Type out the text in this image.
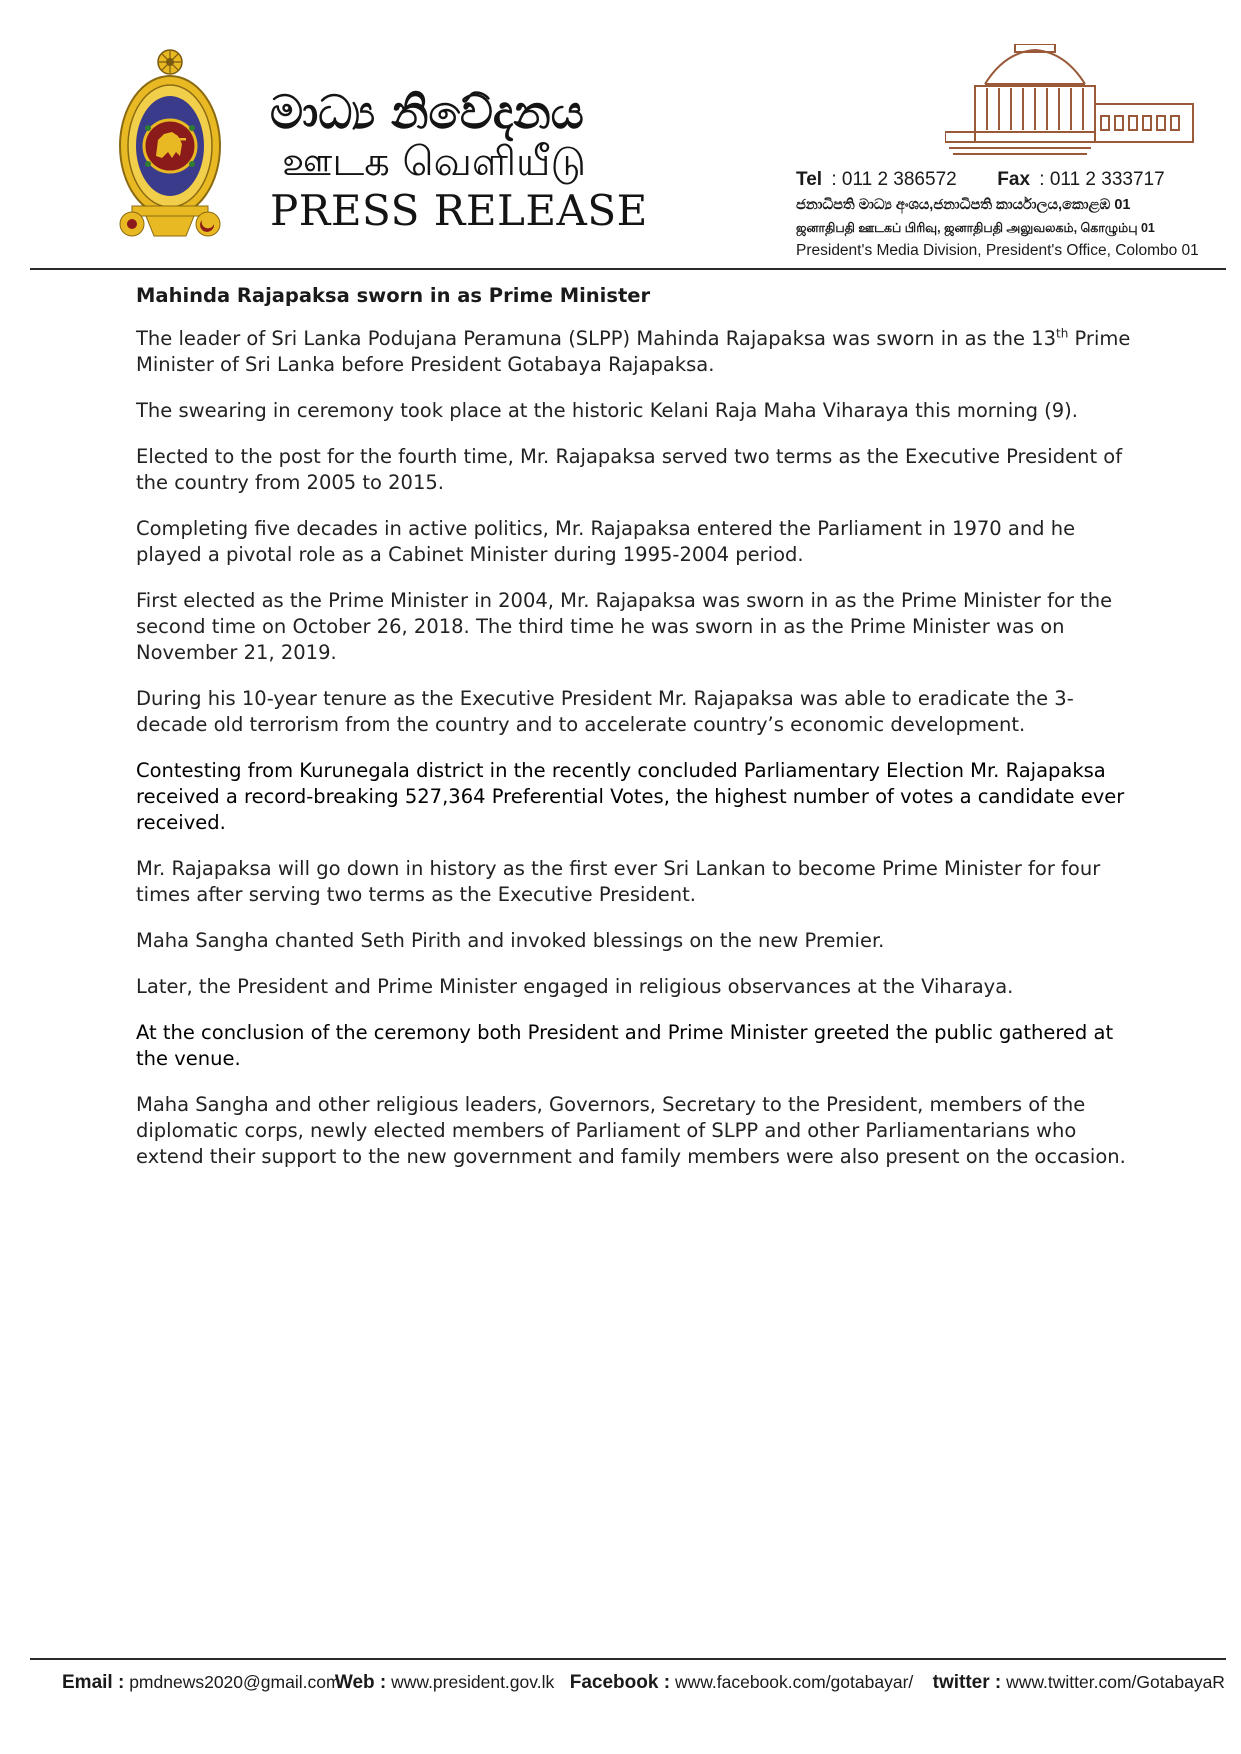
මාධ්‍ය නිවේදනය
ஊடக வெளியீடு
PRESS RELEASE
Tel : 011 2 386572 Fax : 011 2 333717
ජනාධිපති මාධ්‍ය අංශය,ජනාධිපති කාර්යාලය,කොළඹ 01
ஜனாதிபதி ஊடகப் பிரிவு, ஜனாதிபதி அலுவலகம், கொழும்பு 01
President's Media Division, President's Office, Colombo 01
Mahinda Rajapaksa sworn in as Prime Minister

The leader of Sri Lanka Podujana Peramuna (SLPP) Mahinda Rajapaksa was sworn in as the 13th Prime Minister of Sri Lanka before President Gotabaya Rajapaksa.

The swearing in ceremony took place at the historic Kelani Raja Maha Viharaya this morning (9).

Elected to the post for the fourth time, Mr. Rajapaksa served two terms as the Executive President of the country from 2005 to 2015.

Completing five decades in active politics, Mr. Rajapaksa entered the Parliament in 1970 and he played a pivotal role as a Cabinet Minister during 1995-2004 period.

First elected as the Prime Minister in 2004, Mr. Rajapaksa was sworn in as the Prime Minister for the second time on October 26, 2018. The third time he was sworn in as the Prime Minister was on November 21, 2019.

During his 10-year tenure as the Executive President Mr. Rajapaksa was able to eradicate the 3-decade old terrorism from the country and to accelerate country’s economic development.

Contesting from Kurunegala district in the recently concluded Parliamentary Election Mr. Rajapaksa received a record-breaking 527,364 Preferential Votes, the highest number of votes a candidate ever received.

Mr. Rajapaksa will go down in history as the first ever Sri Lankan to become Prime Minister for four times after serving two terms as the Executive President.

Maha Sangha chanted Seth Pirith and invoked blessings on the new Premier.

Later, the President and Prime Minister engaged in religious observances at the Viharaya.

At the conclusion of the ceremony both President and Prime Minister greeted the public gathered at the venue.

Maha Sangha and other religious leaders, Governors, Secretary to the President, members of the diplomatic corps, newly elected members of Parliament of SLPP and other Parliamentarians who extend their support to the new government and family members were also present on the occasion.

Email : pmdnews2020@gmail.com Web : www.president.gov.lk Facebook : www.facebook.com/gotabayar/ twitter : www.twitter.com/GotabayaR
